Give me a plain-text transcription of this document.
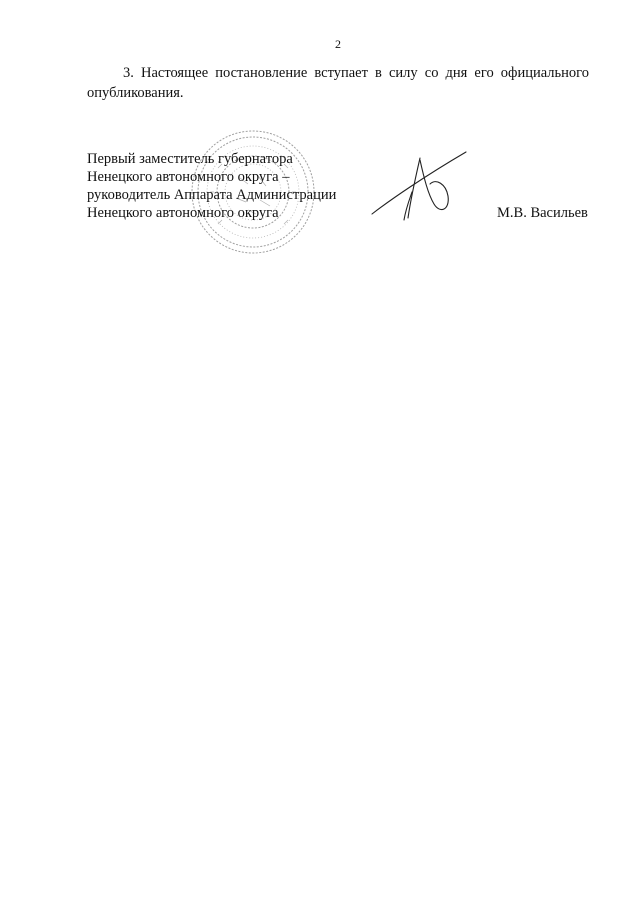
2

3. Настоящее постановление вступает в силу со дня его официального опубликования.

Первый заместитель губернатора
Ненецкого автономного округа –
руководитель Аппарата Администрации
Ненецкого автономного округа	М.В. Васильев
